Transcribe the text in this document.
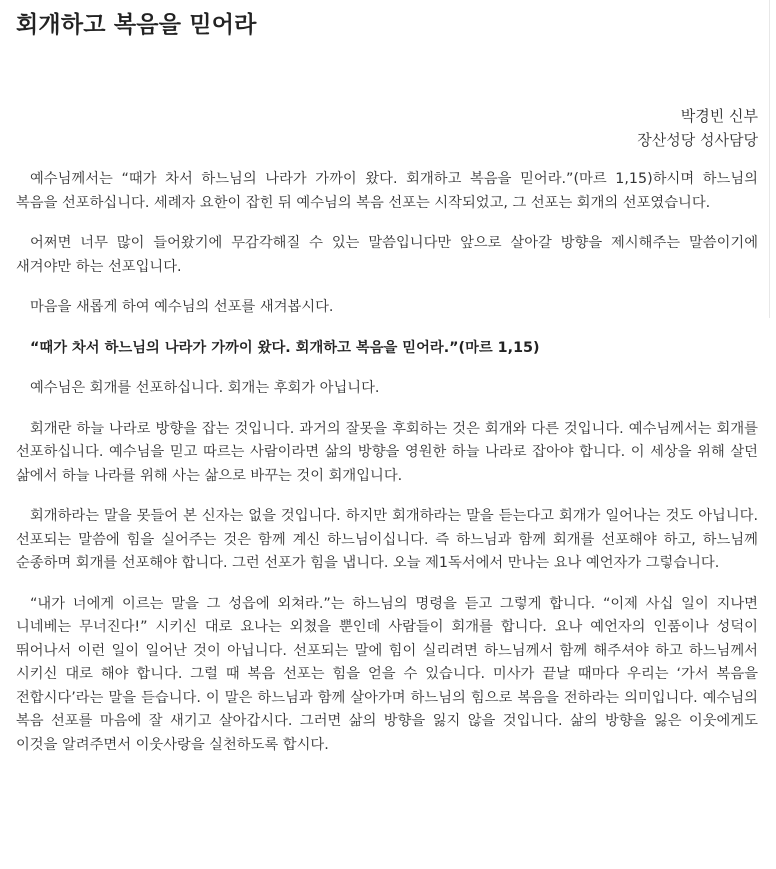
회개하고 복음을 믿어라
박경빈 신부
장산성당 성사담당

예수님께서는 “때가 차서 하느님의 나라가 가까이 왔다. 회개하고 복음을 믿어라.”(마르 1,15)하시며 하느님의 복음을 선포하십니다. 세례자 요한이 잡힌 뒤 예수님의 복음 선포는 시작되었고, 그 선포는 회개의 선포였습니다.

어쩌면 너무 많이 들어왔기에 무감각해질 수 있는 말씀입니다만 앞으로 살아갈 방향을 제시해주는 말씀이기에 새겨야만 하는 선포입니다.

마음을 새롭게 하여 예수님의 선포를 새겨봅시다.

“때가 차서 하느님의 나라가 가까이 왔다. 회개하고 복음을 믿어라.”(마르 1,15)

예수님은 회개를 선포하십니다. 회개는 후회가 아닙니다.

회개란 하늘 나라로 방향을 잡는 것입니다. 과거의 잘못을 후회하는 것은 회개와 다른 것입니다. 예수님께서는 회개를 선포하십니다. 예수님을 믿고 따르는 사람이라면 삶의 방향을 영원한 하늘 나라로 잡아야 합니다. 이 세상을 위해 살던 삶에서 하늘 나라를 위해 사는 삶으로 바꾸는 것이 회개입니다.

회개하라는 말을 못들어 본 신자는 없을 것입니다. 하지만 회개하라는 말을 듣는다고 회개가 일어나는 것도 아닙니다. 선포되는 말씀에 힘을 실어주는 것은 함께 계신 하느님이십니다. 즉 하느님과 함께 회개를 선포해야 하고, 하느님께 순종하며 회개를 선포해야 합니다. 그런 선포가 힘을 냅니다. 오늘 제1독서에서 만나는 요나 예언자가 그렇습니다.

“내가 너에게 이르는 말을 그 성읍에 외쳐라.”는 하느님의 명령을 듣고 그렇게 합니다. “이제 사십 일이 지나면 니네베는 무너진다!” 시키신 대로 요나는 외쳤을 뿐인데 사람들이 회개를 합니다. 요나 예언자의 인품이나 성덕이 뛰어나서 이런 일이 일어난 것이 아닙니다. 선포되는 말에 힘이 실리려면 하느님께서 함께 해주셔야 하고 하느님께서 시키신 대로 해야 합니다. 그럴 때 복음 선포는 힘을 얻을 수 있습니다. 미사가 끝날 때마다 우리는 ‘가서 복음을 전합시다’라는 말을 듣습니다. 이 말은 하느님과 함께 살아가며 하느님의 힘으로 복음을 전하라는 의미입니다. 예수님의 복음 선포를 마음에 잘 새기고 살아갑시다. 그러면 삶의 방향을 잃지 않을 것입니다. 삶의 방향을 잃은 이웃에게도 이것을 알려주면서 이웃사랑을 실천하도록 합시다.
